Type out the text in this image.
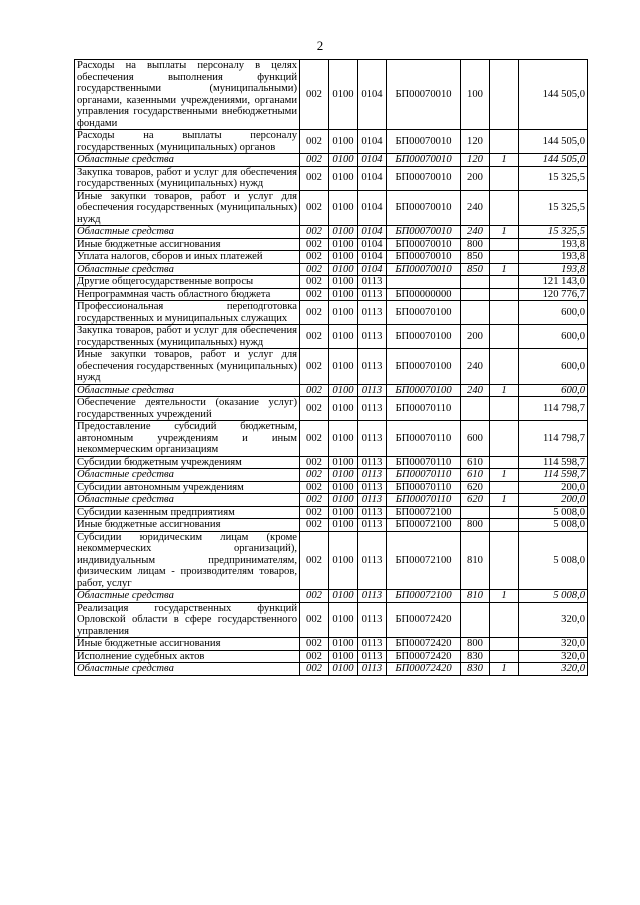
2
Расходы на выплаты персоналу в целях обеспечения выполнения функций государственными (муниципальными) органами, казенными учреждениями, органами управления государственными внебюджетными фондами	002	0100	0104	БП00070010	100		144 505,0
Расходы на выплаты персоналу государственных (муниципальных) органов	002	0100	0104	БП00070010	120		144 505,0
Областные средства	002	0100	0104	БП00070010	120	1	144 505,0
Закупка товаров, работ и услуг для обеспечения государственных (муниципальных) нужд	002	0100	0104	БП00070010	200		15 325,5
Иные закупки товаров, работ и услуг для обеспечения государственных (муниципальных) нужд	002	0100	0104	БП00070010	240		15 325,5
Областные средства	002	0100	0104	БП00070010	240	1	15 325,5
Иные бюджетные ассигнования	002	0100	0104	БП00070010	800		193,8
Уплата налогов, сборов и иных платежей	002	0100	0104	БП00070010	850		193,8
Областные средства	002	0100	0104	БП00070010	850	1	193,8
Другие общегосударственные вопросы	002	0100	0113				121 143,0
Непрограммная часть областного бюджета	002	0100	0113	БП00000000			120 776,7
Профессиональная переподготовка государственных и муниципальных служащих	002	0100	0113	БП00070100			600,0
Закупка товаров, работ и услуг для обеспечения государственных (муниципальных) нужд	002	0100	0113	БП00070100	200		600,0
Иные закупки товаров, работ и услуг для обеспечения государственных (муниципальных) нужд	002	0100	0113	БП00070100	240		600,0
Областные средства	002	0100	0113	БП00070100	240	1	600,0
Обеспечение деятельности (оказание услуг) государственных учреждений	002	0100	0113	БП00070110			114 798,7
Предоставление субсидий бюджетным, автономным учреждениям и иным некоммерческим организациям	002	0100	0113	БП00070110	600		114 798,7
Субсидии бюджетным учреждениям	002	0100	0113	БП00070110	610		114 598,7
Областные средства	002	0100	0113	БП00070110	610	1	114 598,7
Субсидии автономным учреждениям	002	0100	0113	БП00070110	620		200,0
Областные средства	002	0100	0113	БП00070110	620	1	200,0
Субсидии казенным предприятиям	002	0100	0113	БП00072100			5 008,0
Иные бюджетные ассигнования	002	0100	0113	БП00072100	800		5 008,0
Субсидии юридическим лицам (кроме некоммерческих организаций), индивидуальным предпринимателям, физическим лицам - производителям товаров, работ, услуг	002	0100	0113	БП00072100	810		5 008,0
Областные средства	002	0100	0113	БП00072100	810	1	5 008,0
Реализация государственных функций Орловской области в сфере государственного управления	002	0100	0113	БП00072420			320,0
Иные бюджетные ассигнования	002	0100	0113	БП00072420	800		320,0
Исполнение судебных актов	002	0100	0113	БП00072420	830		320,0
Областные средства	002	0100	0113	БП00072420	830	1	320,0
